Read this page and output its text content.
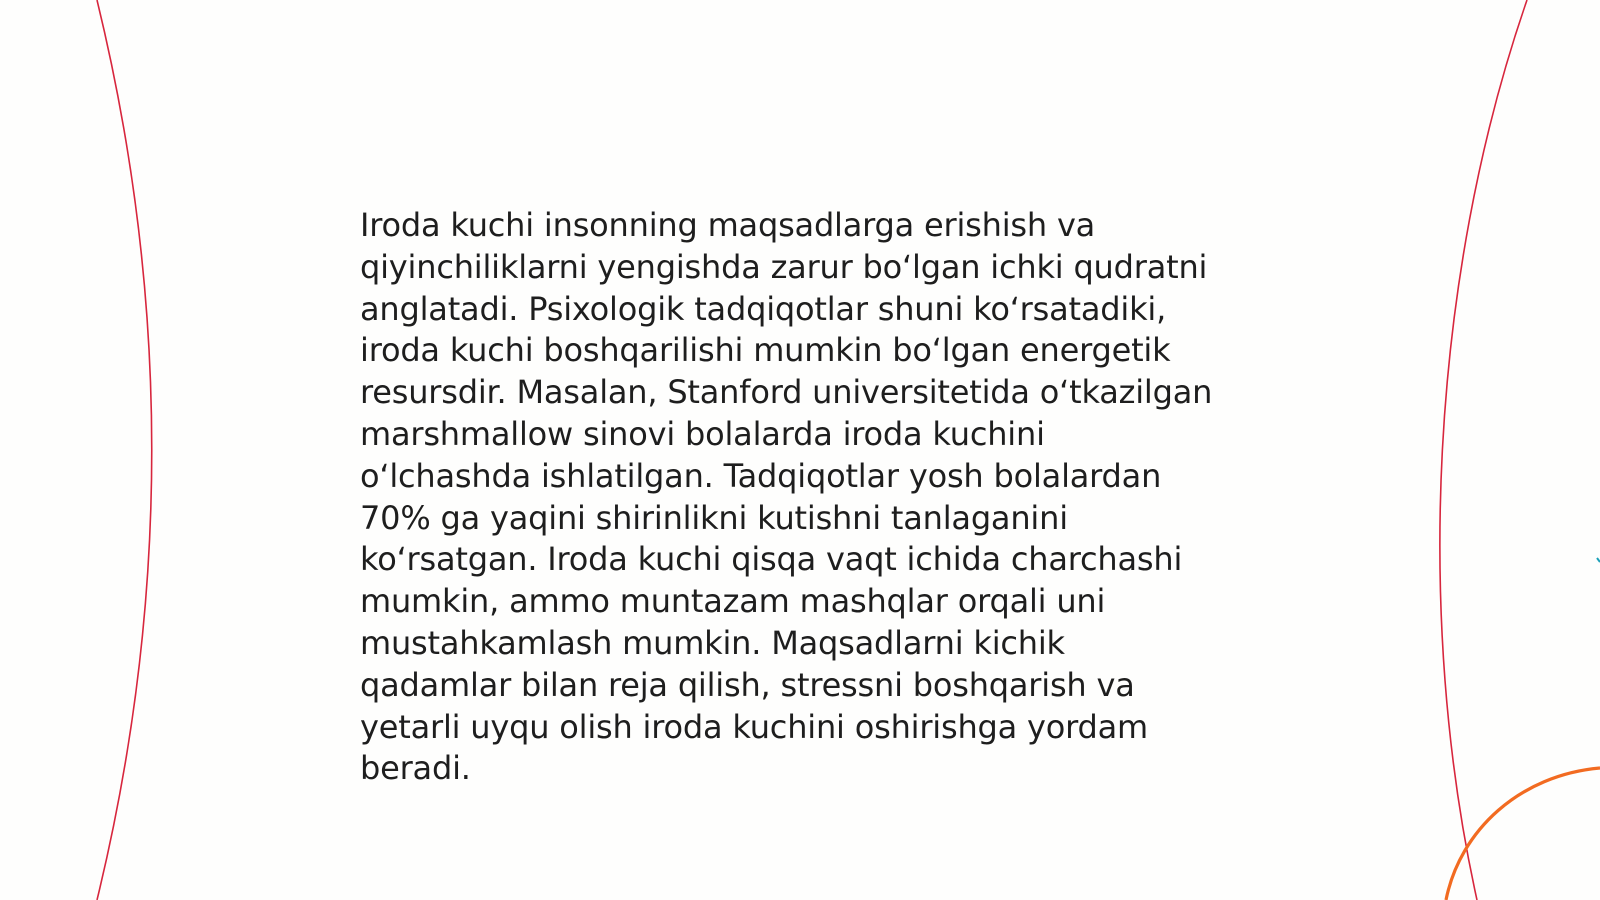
Iroda kuchi insonning maqsadlarga erishish va
qiyinchiliklarni yengishda zarur boʻlgan ichki qudratni
anglatadi. Psixologik tadqiqotlar shuni koʻrsatadiki,
iroda kuchi boshqarilishi mumkin boʻlgan energetik
resursdir. Masalan, Stanford universitetida oʻtkazilgan
marshmallow sinovi bolalarda iroda kuchini
oʻlchashda ishlatilgan. Tadqiqotlar yosh bolalardan
70% ga yaqini shirinlikni kutishni tanlaganini
koʻrsatgan. Iroda kuchi qisqa vaqt ichida charchashi
mumkin, ammo muntazam mashqlar orqali uni
mustahkamlash mumkin. Maqsadlarni kichik
qadamlar bilan reja qilish, stressni boshqarish va
yetarli uyqu olish iroda kuchini oshirishga yordam
beradi.
